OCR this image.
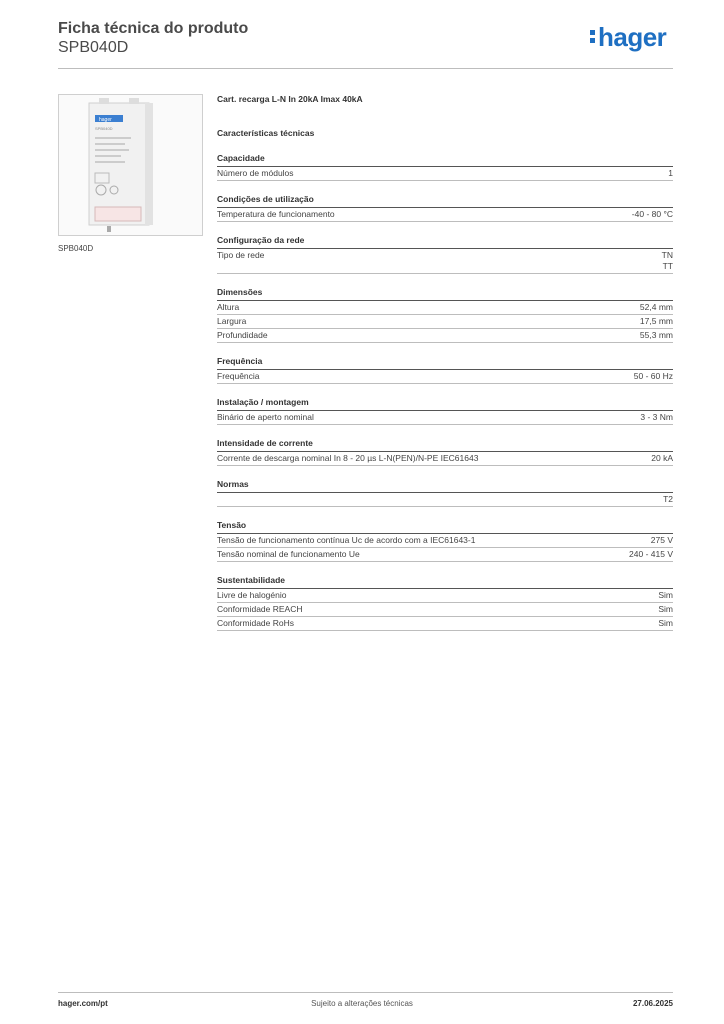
Ficha técnica do produto
SPB040D	hager
hager
SPB040D
SPB040D
Cart. recarga L-N In 20kA Imax 40kA
Características técnicas
Capacidade
Número de módulos	1
Condições de utilização
Temperatura de funcionamento	-40 - 80 °C
Configuração da rede
Tipo de rede	TN
TT
Dimensões
Altura	52,4 mm
Largura	17,5 mm
Profundidade	55,3 mm
Frequência
Frequência	50 - 60 Hz
Instalação / montagem
Binário de aperto nominal	3 - 3 Nm
Intensidade de corrente
Corrente de descarga nominal In 8 - 20 µs L-N(PEN)/N-PE IEC61643	20 kA
Normas
T2
Tensão
Tensão de funcionamento contínua Uc de acordo com a IEC61643-1	275 V
Tensão nominal de funcionamento Ue	240 - 415 V
Sustentabilidade
Livre de halogénio	Sim
Conformidade REACH	Sim
Conformidade RoHs	Sim
hager.com/pt	Sujeito a alterações técnicas	27.06.2025
